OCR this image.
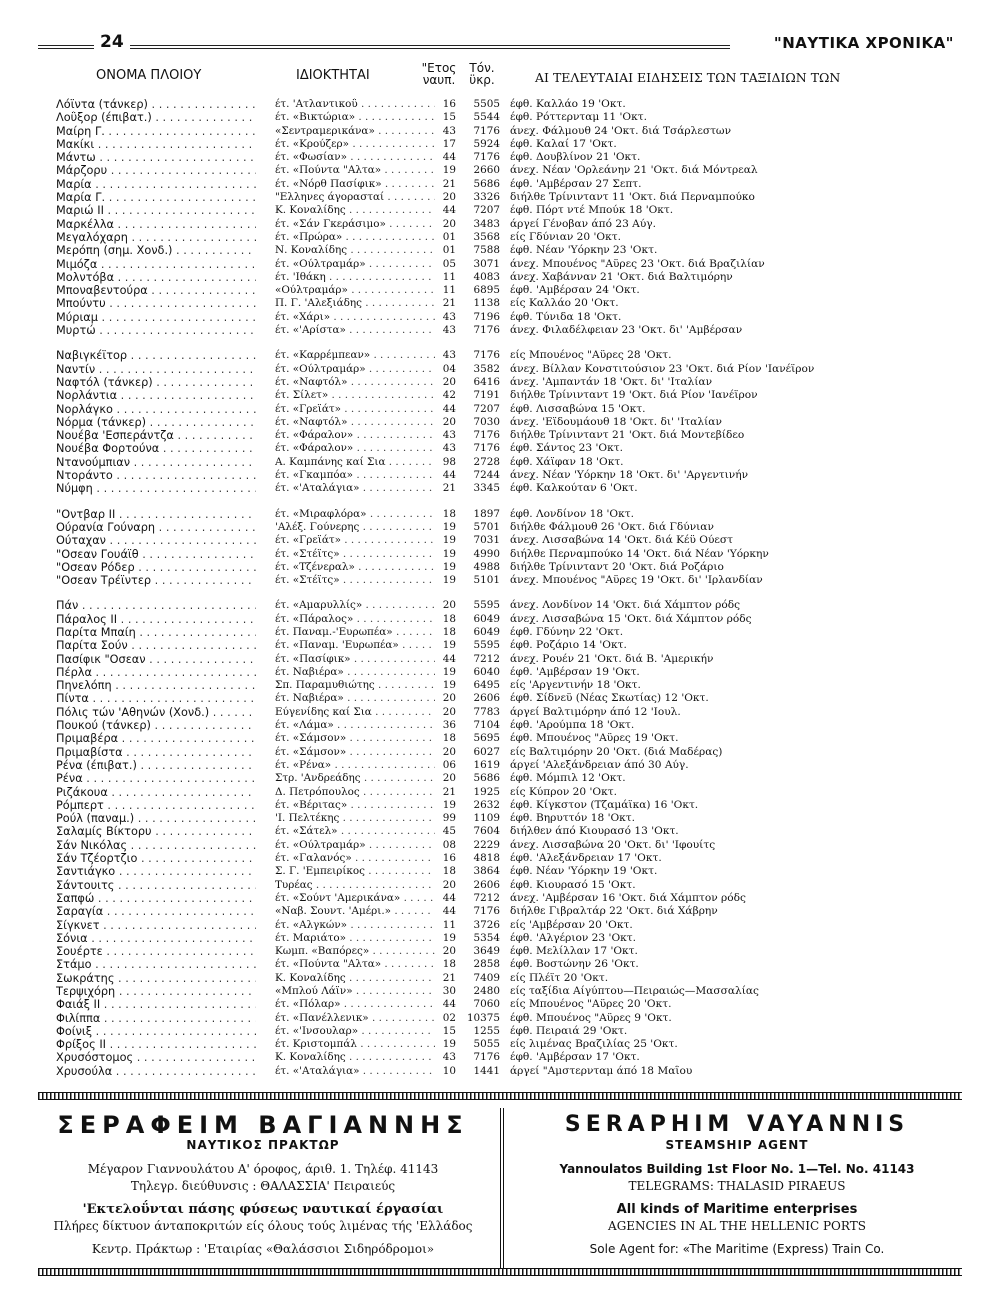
24	"ΝΑΥΤΙΚΑ ΧΡΟΝΙΚΑ"
ΟΝΟΜΑ ΠΛΟΙΟΥ	ΙΔΙΟΚΤΗΤΑΙ	"Ετος
ναυπ.
Τόν.
ϋκρ.	ΑΙ ΤΕΛΕΥΤΑΙΑΙ ΕΙΔΗΣΕΙΣ ΤΩΝ ΤΑΞΙΔΙΩΝ ΤΩΝ
Λόϊντα (τάνκερ) . . .	έτ. 'Ατλαντικοΰ . . .	16	5505 έφθ. Καλλάο 19 'Οκτ.
Λοΰξορ (έπιβατ.) . . .	έτ. «Βικτώρια» . . .	15	5544 έφθ. Ρόττερνταμ 11 'Οκτ.
Μαίρη Γ. . . .	«Σεντραμερικάνα» . . .	43	7176 άνεχ. Φάλμουθ 24 'Οκτ. διά Τσάρλεστων
Μακίκι . . .	έτ. «Κρούζερ» . . .	17	5924 έφθ. Καλαί 17 'Οκτ.
Μάντω . . .	έτ. «Φωσίαν» . . .	44	7176 έφθ. Δουβλίνον 21 'Οκτ.
Μάρζορυ . . .	έτ. «Πούντα "Αλτα» . . .	19	2660 άνεχ. Νέαν 'Ορλεάνην 21 'Οκτ. διά Μόντρεαλ
Μαρία . . .	έτ. «Νόρθ Πασίφικ» . . .	21	5686 έφθ. 'Αμβέρσαν 27 Σεπτ.
Μαρία Γ. . . .	"Ελληνες άγορασταί . . .	20	3326 διήλθε Τρίνινταντ 11 'Οκτ. διά Περναμπούκο
Μαριώ ΙΙ . . .	Κ. Κοναλίδης . . .	44	7207 έφθ. Πόρτ ντέ Μπούκ 18 'Οκτ.
Μαρκέλλα . . .	έτ. «Σάν Γκεράσιμο» . . .	20	3483 άργεί Γένοβαν άπό 23 Αύγ.
Μεγαλόχαρη . . .	έτ. «Πρώρα» . . .	01	3568 είς Γδύνιαν 20 'Οκτ.
Μερόπη (σημ. Χονδ.) . . .	Ν. Κοναλίδης . . .	01	7588 έφθ. Νέαν 'Υόρκην 23 'Οκτ.
Μιμόζα . . .	έτ. «Ούλτραμάρ» . . .	05	3071 άνεχ. Μπουένος "Αϋρες 23 'Οκτ. διά Βραζιλίαν
Μολντόβα . . .	έτ. 'Ιθάκη . . .	11	4083 άνεχ. Χαβάνναν 21 'Οκτ. διά Βαλτιμόρην
Μποναβεντούρα . . .	«Ούλτραμάρ» . . .	11	6895 έφθ. 'Αμβέρσαν 24 'Οκτ.
Μπούντυ . . .	Π. Γ. 'Αλεξιάδης . . .	21	1138 είς Καλλάο 20 'Οκτ.
Μύριαμ . . .	έτ. «Χάρι» . . .	43	7196 έφθ. Τύνιδα 18 'Οκτ.
Μυρτώ . . .	έτ. «'Αρίστα» . . .	43	7176 άνεχ. Φιλαδέλφειαν 23 'Οκτ. δι' 'Αμβέρσαν
Ναβιγκέϊτορ . . .	έτ. «Καρρέμπεαν» . . .	43	7176 είς Μπουένος "Αϋρες 28 'Οκτ.
Ναντίν . . .	έτ. «Ούλτραμάρ» . . .	04	3582 άνεχ. Βίλλαν Κονστιτούσιον 23 'Οκτ. διά Ρίον 'Ιανέϊρον
Ναφτόλ (τάνκερ) . . .	έτ. «Ναφτόλ» . . .	20	6416 άνεχ. 'Αμπαντάν 18 'Οκτ. δι' 'Ιταλίαν
Νορλάντια . . .	έτ. Σίλετ» . . .	42	7191 διήλθε Τρίνινταντ 19 'Οκτ. διά Ρίον 'Ιανέϊρον
Νορλάγκο . . .	έτ. «Γρεϊάτ» . . .	44	7207 έφθ. Λισσαβώνα 15 'Οκτ.
Νόρμα (τάνκερ) . . .	έτ. «Ναφτόλ» . . .	20	7030 άνεχ. 'Εϊδουμάουθ 18 'Οκτ. δι' 'Ιταλίαν
Νουέβα 'Εσπεράντζα . . .	έτ. «Φάραλον» . . .	43	7176 διήλθε Τρίνινταντ 21 'Οκτ. διά Μοντεβίδεο
Νουέβα Φορτούνα . . .	έτ. «Φάραλον» . . .	43	7176 έφθ. Σάντος 23 'Οκτ.
Ντανούμπιαν . . .	Α. Καμπάνης καί Σια . . .	98	2728 έφθ. Χάϊφαν 18 'Οκτ.
Ντοράντο . . .	έτ. «Γκαμπόα» . . .	44	7244 άνεχ. Νέαν 'Υόρκην 18 'Οκτ. δι' 'Αργεντινήν
Νύμφη . . .	έτ. «'Αταλάγια» . . .	21	3345 έφθ. Καλκούταν 6 'Οκτ.
"Οντβαρ ΙΙ . . .	έτ. «Μιραφλόρα» . . .	18	1897 έφθ. Λονδίνον 18 'Οκτ.
Ούρανία Γούναρη . . .	'Αλέξ. Γούνερης . . .	19	5701 διήλθε Φάλμουθ 26 'Οκτ. διά Γδύνιαν
Ούταχαν . . .	έτ. «Γρεϊάτ» . . .	19	7031 άνεχ. Λισσαβώνα 14 'Οκτ. διά Κέϋ Ούεστ
"Οσεαν Γουάϊθ . . .	έτ. «Στέϊτς» . . .	19	4990 διήλθε Περναμπούκο 14 'Οκτ. διά Νέαν 'Υόρκην
"Οσεαν Ρόδερ . . .	έτ. «Τζένεραλ» . . .	19	4988 διήλθε Τρίνινταντ 20 'Οκτ. διά Ροζάριο
"Οσεαν Τρέϊντερ . . .	έτ. «Στέϊτς» . . .	19	5101 άνεχ. Μπουένος "Αϋρες 19 'Οκτ. δι' 'Ιρλανδίαν
Πάν . . .	έτ. «Αμαρυλλίς» . . .	20	5595 άνεχ. Λονδίνον 14 'Οκτ. διά Χάμπτον ρόδς
Πάραλος ΙΙ . . .	έτ. «Πάραλος» . . .	18	6049 άνεχ. Λισσαβώνα 15 'Οκτ. διά Χάμπτον ρόδς
Παρίτα Μπαίη . . .	έτ. Παναμ.-'Ευρωπέα» . . .	18	6049 έφθ. Γδύνην 22 'Οκτ.
Παρίτα Σούν . . .	έτ. «Παναμ. 'Ευρωπέα» . . .	19	5595 έφθ. Ροζάριο 14 'Οκτ.
Πασίφικ "Οσεαν . . .	έτ. «Πασίφικ» . . .	44	7212 άνεχ. Ρουέν 21 'Οκτ. διά Β. 'Αμερικήν
Πέρλα . . .	έτ. Ναβιέρα» . . .	19	6040 έφθ. 'Αμβέρσαν 19 'Οκτ.
Πηνελόπη . . .	Σπ. Παραμυθιώτης . . .	19	6495 είς 'Αργεντινήν 18 'Οκτ.
Πίντα . . .	έτ. Ναβιέρα» . . .	20	2606 έφθ. Σίδνεϋ (Νέας Σκωτίας) 12 'Οκτ.
Πόλις τών 'Αθηνών (Χονδ.) . . .	Εύγενίδης καί Σια . . .	20	7783 άργεί Βαλτιμόρην άπό 12 'Ιουλ.
Πουκού (τάνκερ) . . .	έτ. «Λάμα» . . .	36	7104 έφθ. 'Αρούμπα 18 'Οκτ.
Πριμαβέρα . . .	έτ. «Σάμσον» . . .	18	5695 έφθ. Μπουένος "Αϋρες 19 'Οκτ.
Πριμαβίστα . . .	έτ. «Σάμσον» . . .	20	6027 είς Βαλτιμόρην 20 'Οκτ. (διά Μαδέρας)
Ρένα (έπιβατ.) . . .	έτ. «Ρένα» . . .	06	1619 άργεί 'Αλεξάνδρειαν άπό 30 Αύγ.
Ρένα . . .	Στρ. 'Ανδρεάδης . . .	20	5686 έφθ. Μόμπιλ 12 'Οκτ.
Ριζάκουα . . .	Δ. Πετρόπουλος . . .	21	1925 είς Κύπρον 20 'Οκτ.
Ρόμπερτ . . .	έτ. «Βέριτας» . . .	19	2632 έφθ. Κίγκστον (Τζαμάϊκα) 16 'Οκτ.
Ρούλ (παναμ.) . . .	'Ι. Πελτέκης . . .	99	1109 έφθ. Βηρυττόν 18 'Οκτ.
Σαλαμίς Βίκτορυ . . .	έτ. «Σάτελ» . . .	45	7604 διήλθεν άπό Κιουρασό 13 'Οκτ.
Σάν Νικόλας . . .	έτ. «Ούλτραμάρ» . . .	08	2229 άνεχ. Λισσαβώνα 20 'Οκτ. δι' 'Ιφουίτς
Σάν Τζέορτζιο . . .	έτ. «Γαλανός» . . .	16	4818 έφθ. 'Αλεξάνδρειαν 17 'Οκτ.
Σαντιάγκο . . .	Σ. Γ. 'Εμπειρίκος . . .	18	3864 έφθ. Νέαν 'Υόρκην 19 'Οκτ.
Σάντουιτς . . .	Τυρέας . . .	20	2606 έφθ. Κιουρασό 15 'Οκτ.
Σαπφώ . . .	έτ. «Σούντ 'Αμερικάνα» . . .	44	7212 άνεχ. 'Αμβέρσαν 16 'Οκτ. διά Χάμπτον ρόδς
Σαραγία . . .	«Ναβ. Σουντ. 'Αμέρι.» . . .	44	7176 διήλθε Γιβραλτάρ 22 'Οκτ. διά Χάβρην
Σίγκνετ . . .	έτ. «Αλγκών» . . .	11	3726 είς 'Αμβέρσαν 20 'Οκτ.
Σόνια . . .	έτ. Μαριάτο» . . .	19	5354 έφθ. 'Αλγέριον 23 'Οκτ.
Σουέρτε . . .	Κωμπ. «Βαπόρες» . . .	20	3649 έφθ. Μελίλλαν 17 'Οκτ.
Στάμο . . .	έτ. «Πούντα "Αλτα» . . .	18	2858 έφθ. Βοστώνην 26 'Οκτ.
Σωκράτης . . .	Κ. Κοναλίδης . . .	21	7409 είς Πλέϊτ 20 'Οκτ.
Τερψιχόρη . . .	«Μπλού Λάϊν» . . .	30	2480 είς ταξίδια Αίγύπτου—Πειραιώς—Μασσαλίας
Φαιάξ ΙΙ . . .	έτ. «Πόλαρ» . . .	44	7060 είς Μπουένος "Αϋρες 20 'Οκτ.
Φιλίππα . . .	έτ. «Πανέλλενικ» . . .	02	10375 έφθ. Μπουένος "Αϋρες 9 'Οκτ.
Φοίνιξ . . .	έτ. «'Ινσουλαρ» . . .	15	1255 έφθ. Πειραιά 29 'Οκτ.
Φρίξος ΙΙ . . .	έτ. Κριστομπάλ . . .	19	5055 είς λιμένας Βραζιλίας 25 'Οκτ.
Χρυσόστομος . . .	Κ. Κοναλίδης . . .	43	7176 έφθ. 'Αμβέρσαν 17 'Οκτ.
Χρυσούλα . . .	έτ. «'Αταλάγια» . . .	10	1441 άργεί "Αμστερνταμ άπό 18 Μαΐου
ΣΕΡΑΦΕΙΜ ΒΑΓΙΑΝΝΗΣ
ΝΑΥΤΙΚΟΣ ΠΡΑΚΤΩΡ
Μέγαρον Γιαννουλάτου Α' όροφος, άριθ. 1. Τηλέφ. 41143
Τηλεγρ. διεύθυνσις : ΘΑΛΑΣΣΙΑ' Πειραιεύς
'Εκτελοΰνται πάσης φύσεως ναυτικαί έργασίαι
Πλήρες δίκτυον άνταποκριτών είς όλους τούς λιμένας τής 'Ελλάδος
Κεντρ. Πράκτωρ : 'Εταιρίας «Θαλάσσιοι Σιδηρόδρομοι»
SERAPHIM VAYANNIS
STEAMSHIP AGENT
Yannoulatos Building 1st Floor No. 1—Tel. No. 41143
TELEGRAMS: THALASID PIRAEUS
All kinds of Maritime enterprises
AGENCIES IN AL THE HELLENIC PORTS
Sole Agent for: «The Maritime (Express) Train Co.
